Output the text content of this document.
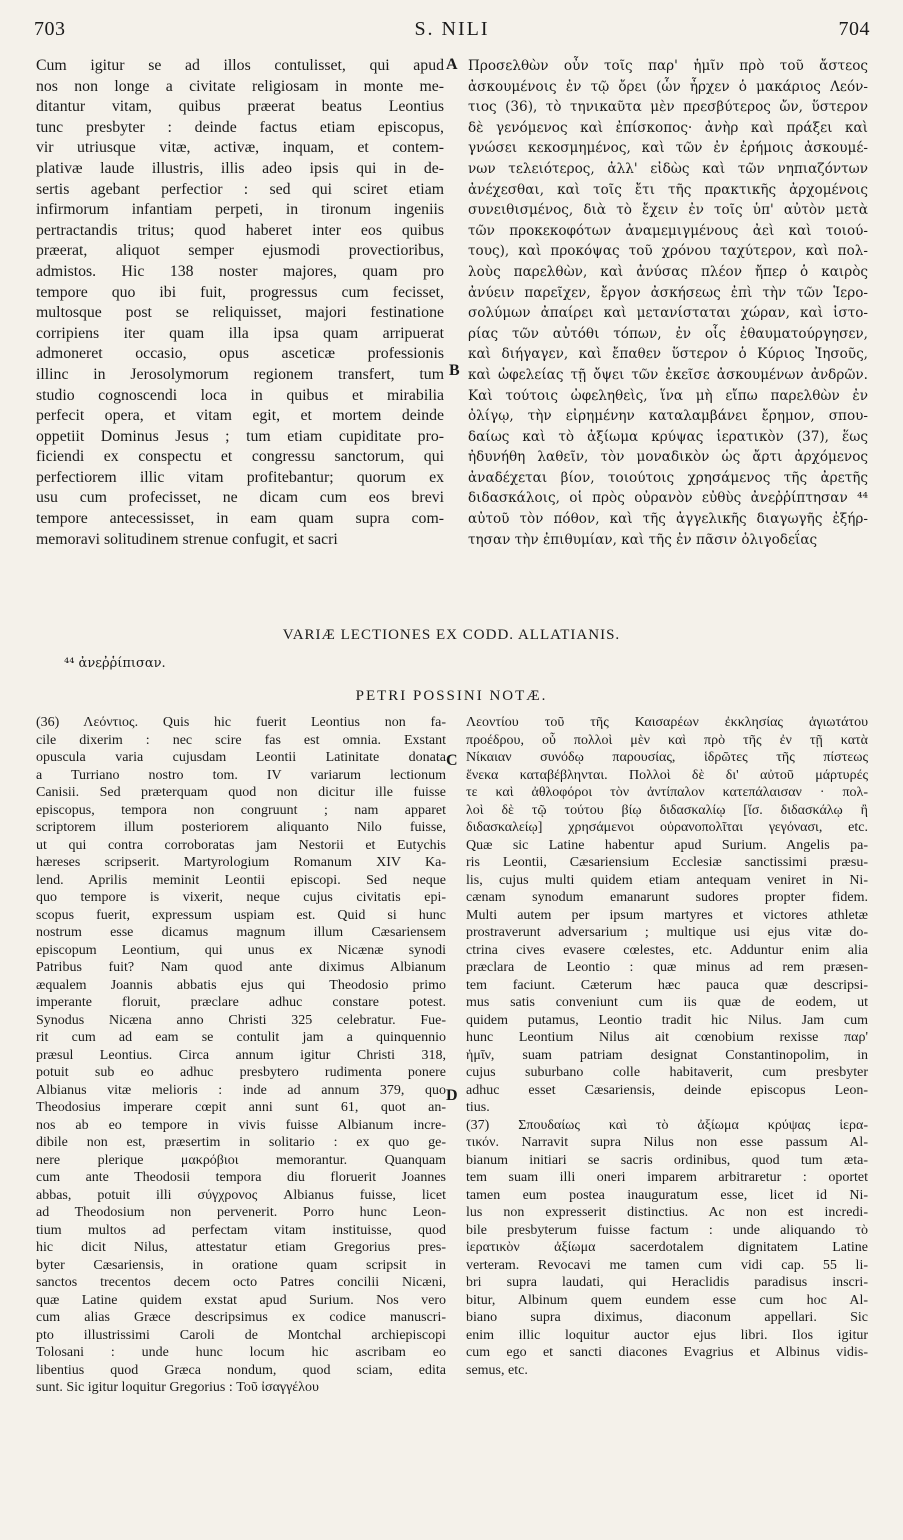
703	S. NILI	704
Cum igitur se ad illos contulisset, qui apud
nos non longe a civitate religiosam in monte me-
ditantur vitam, quibus præerat beatus Leontius
tunc presbyter : deinde factus etiam episcopus,
vir utriusque vitæ, activæ, inquam, et contem-
plativæ laude illustris, illis adeo ipsis qui in de-
sertis agebant perfectior : sed qui sciret etiam
infirmorum infantiam perpeti, in tironum ingeniis
pertractandis tritus; quod haberet inter eos quibus
præerat, aliquot semper ejusmodi provectioribus,
admistos. Hic 138 noster majores, quam pro
tempore quo ibi fuit, progressus cum fecisset,
multosque post se reliquisset, majori festinatione
corripiens iter quam illa ipsa quam arripuerat
admoneret occasio, opus asceticæ professionis
illinc in Jerosolymorum regionem transfert, tum
studio cognoscendi loca in quibus et mirabilia
perfecit opera, et vitam egit, et mortem deinde
oppetiit Dominus Jesus ; tum etiam cupiditate pro-
ficiendi ex conspectu et congressu sanctorum, qui
perfectiorem illic vitam profitebantur; quorum ex
usu cum profecisset, ne dicam cum eos brevi
tempore antecessisset, in eam quam supra com-
memoravi solitudinem strenue confugit, et sacri
Προσελθὼν οὖν τοῖς παρ' ἡμῖν πρὸ τοῦ ἄστεος
ἀσκουμένοις ἐν τῷ ὄρει (ὧν ἦρχεν ὁ μακάριος Λεόν-
τιος (36), τὸ τηνικαῦτα μὲν πρεσβύτερος ὤν, ὕστερον
δὲ γενόμενος καὶ ἐπίσκοπος· ἀνὴρ καὶ πράξει καὶ
γνώσει κεκοσμημένος, καὶ τῶν ἐν ἐρήμοις ἀσκουμέ-
νων τελειότερος, ἀλλ' εἰδὼς καὶ τῶν νηπιαζόντων
ἀνέχεσθαι, καὶ τοῖς ἔτι τῆς πρακτικῆς ἀρχομένοις
συνειθισμένος, διὰ τὸ ἔχειν ἐν τοῖς ὑπ' αὐτὸν μετὰ
τῶν προκεκοφότων ἀναμεμιγμένους ἀεὶ καὶ τοιού-
τους), καὶ προκόψας τοῦ χρόνου ταχύτερον, καὶ πολ-
λοὺς παρελθὼν, καὶ ἀνύσας πλέον ἤπερ ὁ καιρὸς
ἀνύειν παρεῖχεν, ἔργον ἀσκήσεως ἐπὶ τὴν τῶν Ἱερο-
σολύμων ἀπαίρει καὶ μετανίσταται χώραν, καὶ ἱστο-
ρίας τῶν αὐτόθι τόπων, ἐν οἷς ἐθαυματούργησεν,
καὶ διήγαγεν, καὶ ἔπαθεν ὕστερον ὁ Κύριος Ἰησοῦς,
καὶ ὠφελείας τῇ ὄψει τῶν ἐκεῖσε ἀσκουμένων ἀνδρῶν.
Καὶ τούτοις ὠφεληθεὶς, ἵνα μὴ εἴπω παρελθὼν ἐν
ὀλίγῳ, τὴν εἰρημένην καταλαμβάνει ἔρημον, σπου-
δαίως καὶ τὸ ἀξίωμα κρύψας ἱερατικὸν (37), ἕως
ἠδυνήθη λαθεῖν, τὸν μοναδικὸν ὡς ἄρτι ἀρχόμενος
ἀναδέχεται βίον, τοιούτοις χρησάμενος τῆς ἀρετῆς
διδασκάλοις, οἱ πρὸς οὐρανὸν εὐθὺς ἀνεῤῥίπτησαν ⁴⁴
αὐτοῦ τὸν πόθον, καὶ τῆς ἀγγελικῆς διαγωγῆς ἐξήρ-
τησαν τὴν ἐπιθυμίαν, καὶ τῆς ἐν πᾶσιν ὀλιγοδεΐας
A
B
C
D
VARIÆ LECTIONES EX CODD. ALLATIANIS.
⁴⁴ ἀνεῤῥίπισαν.
PETRI POSSINI NOTÆ.
(36) Λεόντιος. Quis hic fuerit Leontius non fa-
cile dixerim : nec scire fas est omnia. Exstant
opuscula varia cujusdam Leontii Latinitate donata
a Turriano nostro tom. IV variarum lectionum
Canisii. Sed præterquam quod non dicitur ille fuisse
episcopus, tempora non congruunt ; nam apparet
scriptorem illum posteriorem aliquanto Nilo fuisse,
ut qui contra corroboratas jam Nestorii et Eutychis
hæreses scripserit. Martyrologium Romanum XIV Ka-
lend. Aprilis meminit Leontii episcopi. Sed neque
quo tempore is vixerit, neque cujus civitatis epi-
scopus fuerit, expressum uspiam est. Quid si hunc
nostrum esse dicamus magnum illum Cæsariensem
episcopum Leontium, qui unus ex Nicænæ synodi
Patribus fuit? Nam quod ante diximus Albianum
æqualem Joannis abbatis ejus qui Theodosio primo
imperante floruit, præclare adhuc constare potest.
Synodus Nicæna anno Christi 325 celebratur. Fue-
rit cum ad eam se contulit jam a quinquennio
præsul Leontius. Circa annum igitur Christi 318,
potuit sub eo adhuc presbytero rudimenta ponere
Albianus vitæ melioris : inde ad annum 379, quo
Theodosius imperare cœpit anni sunt 61, quot an-
nos ab eo tempore in vivis fuisse Albianum incre-
dibile non est, præsertim in solitario : ex quo ge-
nere plerique μακρόβιοι memorantur. Quanquam
cum ante Theodosii tempora diu floruerit Joannes
abbas, potuit illi σύγχρονος Albianus fuisse, licet
ad Theodosium non pervenerit. Porro hunc Leon-
tium multos ad perfectam vitam instituisse, quod
hic dicit Nilus, attestatur etiam Gregorius pres-
byter Cæsariensis, in oratione quam scripsit in
sanctos trecentos decem octo Patres concilii Nicæni,
quæ Latine quidem exstat apud Surium. Nos vero
cum alias Græce descripsimus ex codice manuscri-
pto illustrissimi Caroli de Montchal archiepiscopi
Tolosani : unde hunc locum hic ascribam eo
libentius quod Græca nondum, quod sciam, edita
sunt. Sic igitur loquitur Gregorius : Τοῦ ἰσαγγέλου
Λεοντίου τοῦ τῆς Καισαρέων ἐκκλησίας ἁγιωτάτου
προέδρου, οὗ πολλοὶ μὲν καὶ πρὸ τῆς ἐν τῇ κατὰ
Νίκαιαν συνόδῳ παρουσίας, ἱδρῶτες τῆς πίστεως
ἕνεκα καταβέβληνται. Πολλοὶ δὲ δι' αὐτοῦ μάρτυρές
τε καὶ ἀθλοφόροι τὸν ἀντίπαλον κατεπάλαισαν · πολ-
λοὶ δὲ τῷ τούτου βίῳ διδασκαλίῳ [ἴσ. διδασκάλῳ ἢ
διδασκαλείῳ] χρησάμενοι οὐρανοπολῖται γεγόνασι, etc.
Quæ sic Latine habentur apud Surium. Angelis pa-
ris Leontii, Cæsariensium Ecclesiæ sanctissimi præsu-
lis, cujus multi quidem etiam antequam veniret in Ni-
cænam synodum emanarunt sudores propter fidem.
Multi autem per ipsum martyres et victores athletæ
prostraverunt adversarium ; multique usi ejus vitæ do-
ctrina cives evasere cœlestes, etc. Adduntur enim alia
præclara de Leontio : quæ minus ad rem præsen-
tem faciunt. Cæterum hæc pauca quæ descripsi-
mus satis conveniunt cum iis quæ de eodem, ut
quidem putamus, Leontio tradit hic Nilus. Jam cum
hunc Leontium Nilus ait cœnobium rexisse παρ'
ἡμῖν, suam patriam designat Constantinopolim, in
cujus suburbano colle habitaverit, cum presbyter
adhuc esset Cæsariensis, deinde episcopus Leon-
tius.
(37) Σπουδαίως καὶ τὸ ἀξίωμα κρύψας ἱερα-
τικόν. Narravit supra Nilus non esse passum Al-
bianum initiari se sacris ordinibus, quod tum æta-
tem suam illi oneri imparem arbitraretur : oportet
tamen eum postea inauguratum esse, licet id Ni-
lus non expresserit distinctius. Ac non est incredi-
bile presbyterum fuisse factum : unde aliquando τὸ
ἱερατικὸν ἀξίωμα sacerdotalem dignitatem Latine
verteram. Revocavi me tamen cum vidi cap. 55 li-
bri supra laudati, qui Heraclidis paradisus inscri-
bitur, Albinum quem eundem esse cum hoc Al-
biano supra diximus, diaconum appellari. Sic
enim illic loquitur auctor ejus libri. Ilos igitur
cum ego et sancti diacones Evagrius et Albinus vidis-
semus, etc.
